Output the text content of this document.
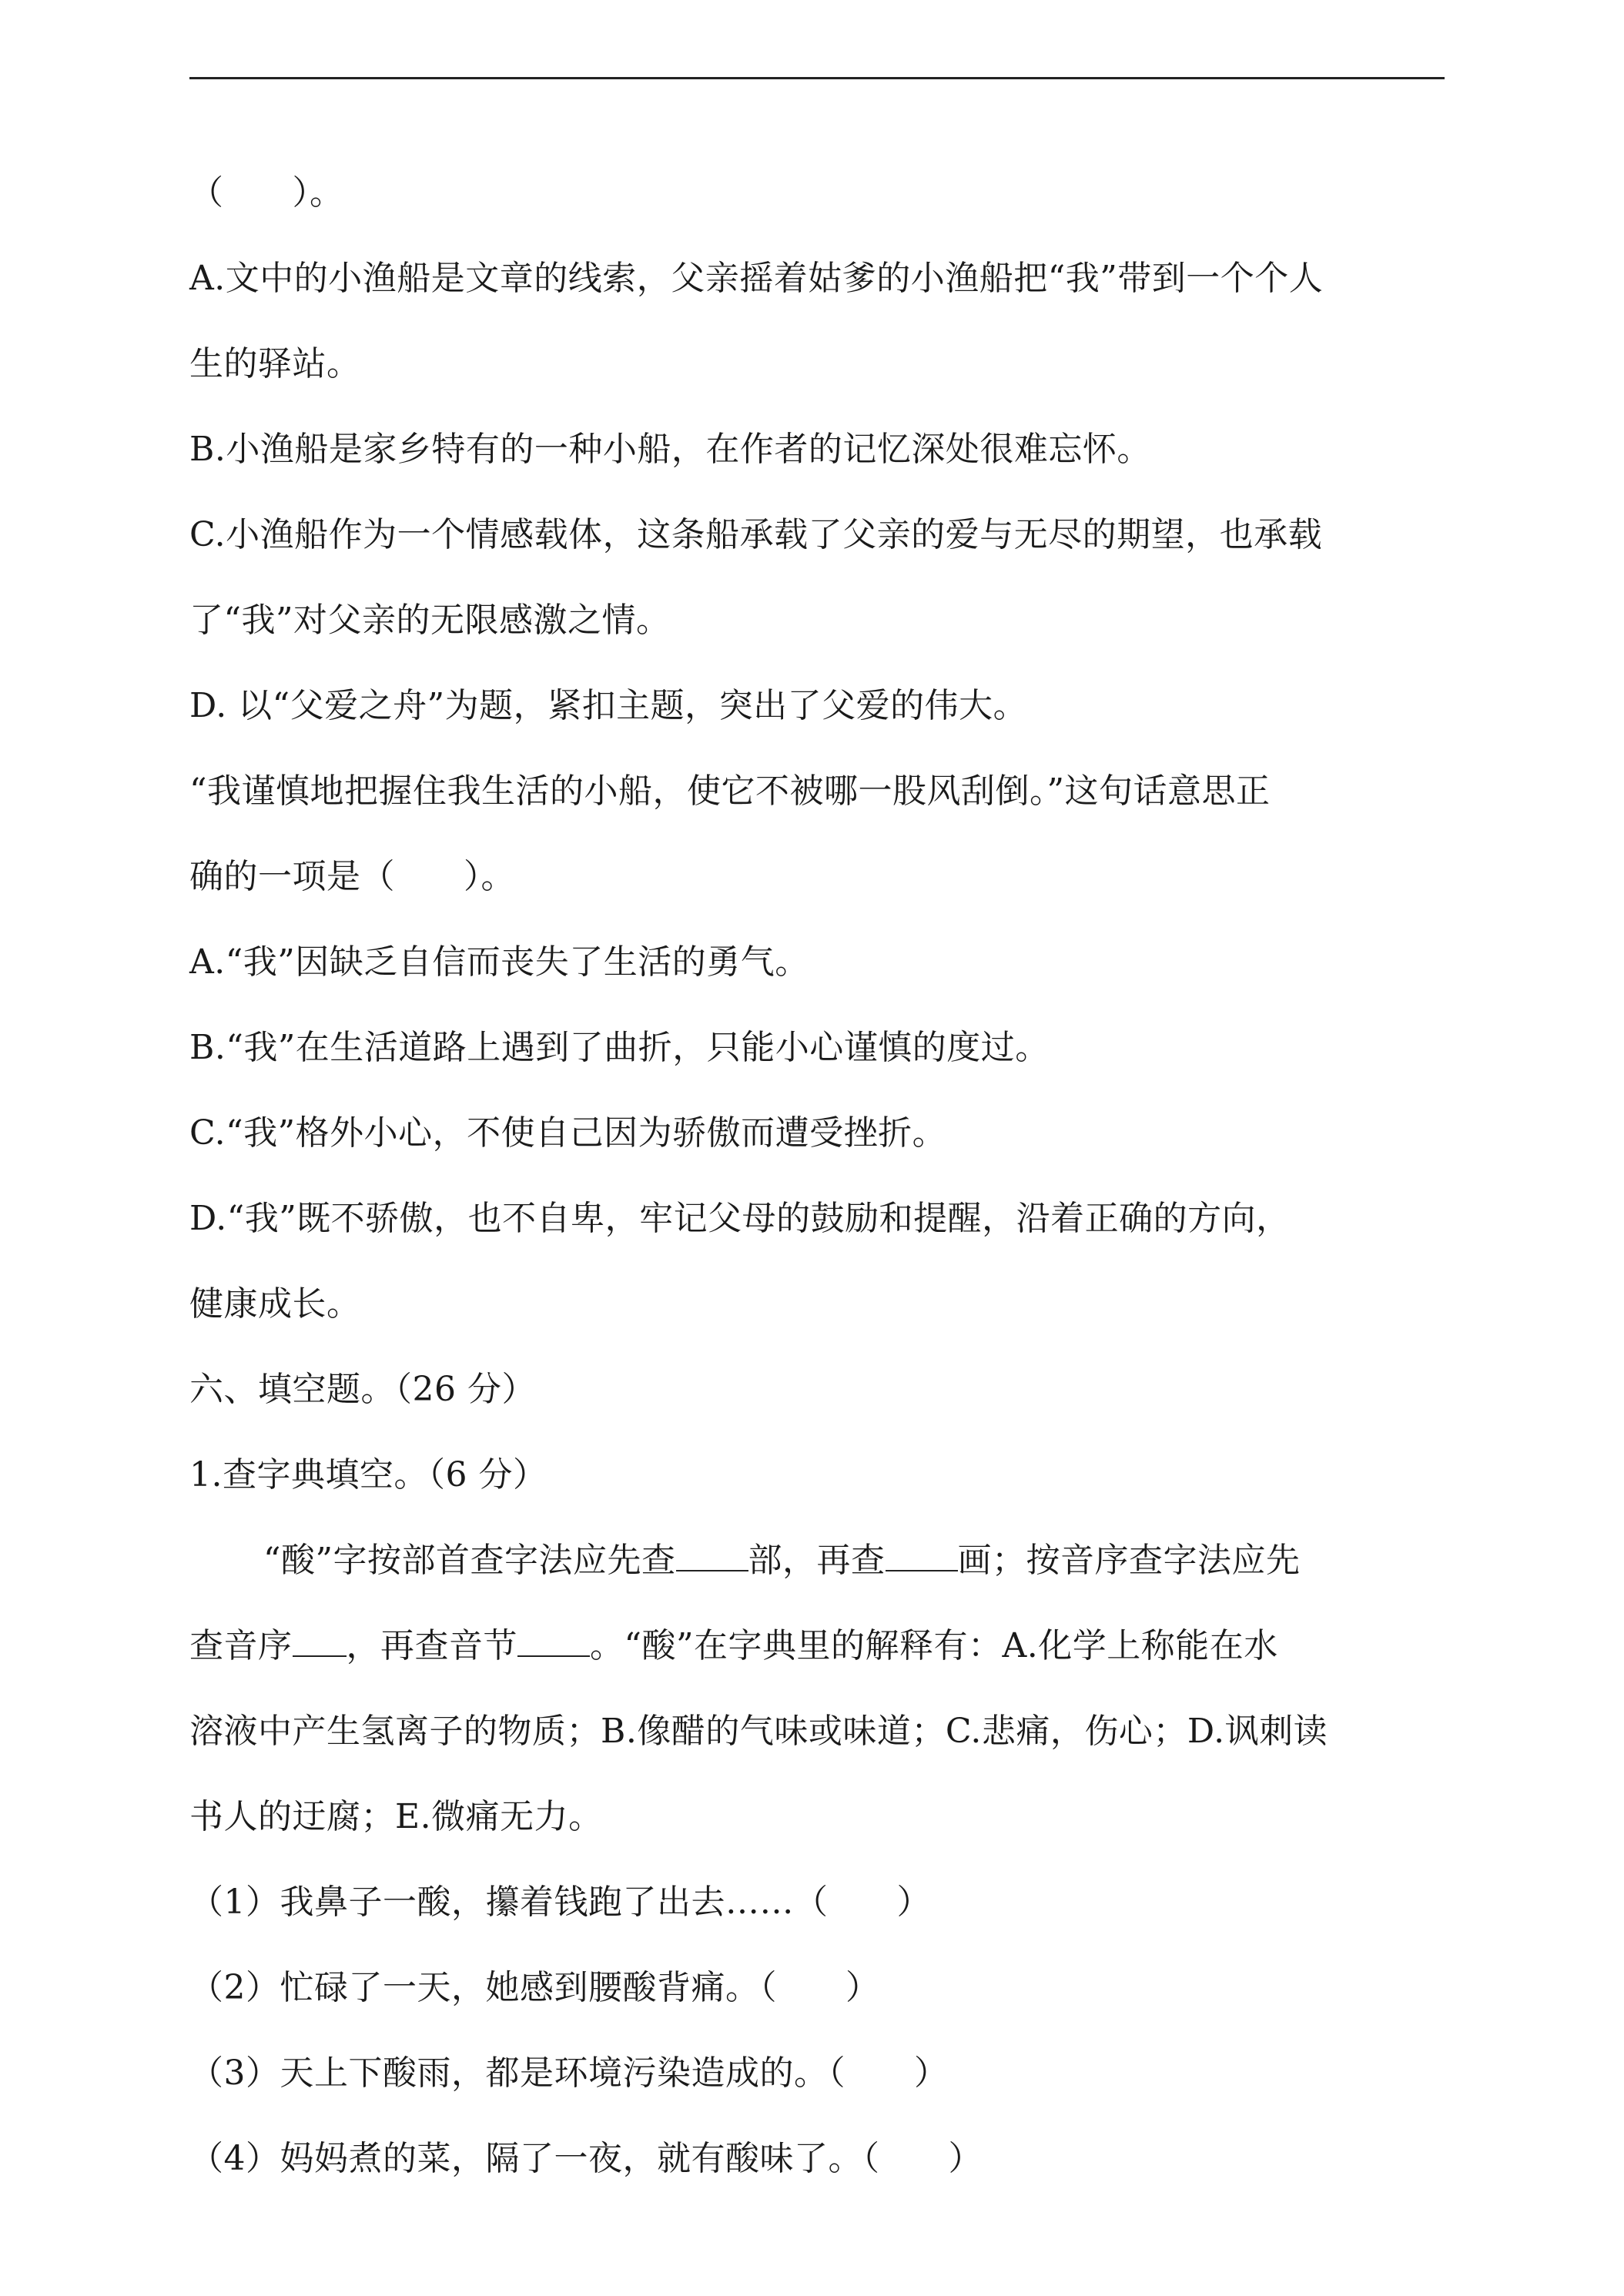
（　　）。
A.文中的小渔船是文章的线索，父亲摇着姑爹的小渔船把“我”带到一个个人
生的驿站。
B.小渔船是家乡特有的一种小船，在作者的记忆深处很难忘怀。
C.小渔船作为一个情感载体，这条船承载了父亲的爱与无尽的期望，也承载
了“我”对父亲的无限感激之情。
D. 以“父爱之舟”为题，紧扣主题，突出了父爱的伟大。
“我谨慎地把握住我生活的小船，使它不被哪一股风刮倒。”这句话意思正
确的一项是（　　）。
A.“我”因缺乏自信而丧失了生活的勇气。
B.“我”在生活道路上遇到了曲折，只能小心谨慎的度过。
C.“我”格外小心，不使自己因为骄傲而遭受挫折。
D.“我”既不骄傲，也不自卑，牢记父母的鼓励和提醒，沿着正确的方向，
健康成长。
六、填空题。（26 分）
1.查字典填空。（6 分）
“酸”字按部首查字法应先查 部，再查 画；按音序查字法应先
查音序 ，再查音节 。“酸”在字典里的解释有：A.化学上称能在水
溶液中产生氢离子的物质；B.像醋的气味或味道；C.悲痛，伤心；D.讽刺读
书人的迂腐；E.微痛无力。
（1）我鼻子一酸，攥着钱跑了出去……（　　）
（2）忙碌了一天，她感到腰酸背痛。（　　）
（3）天上下酸雨，都是环境污染造成的。（　　）
（4）妈妈煮的菜，隔了一夜，就有酸味了。（　　）
